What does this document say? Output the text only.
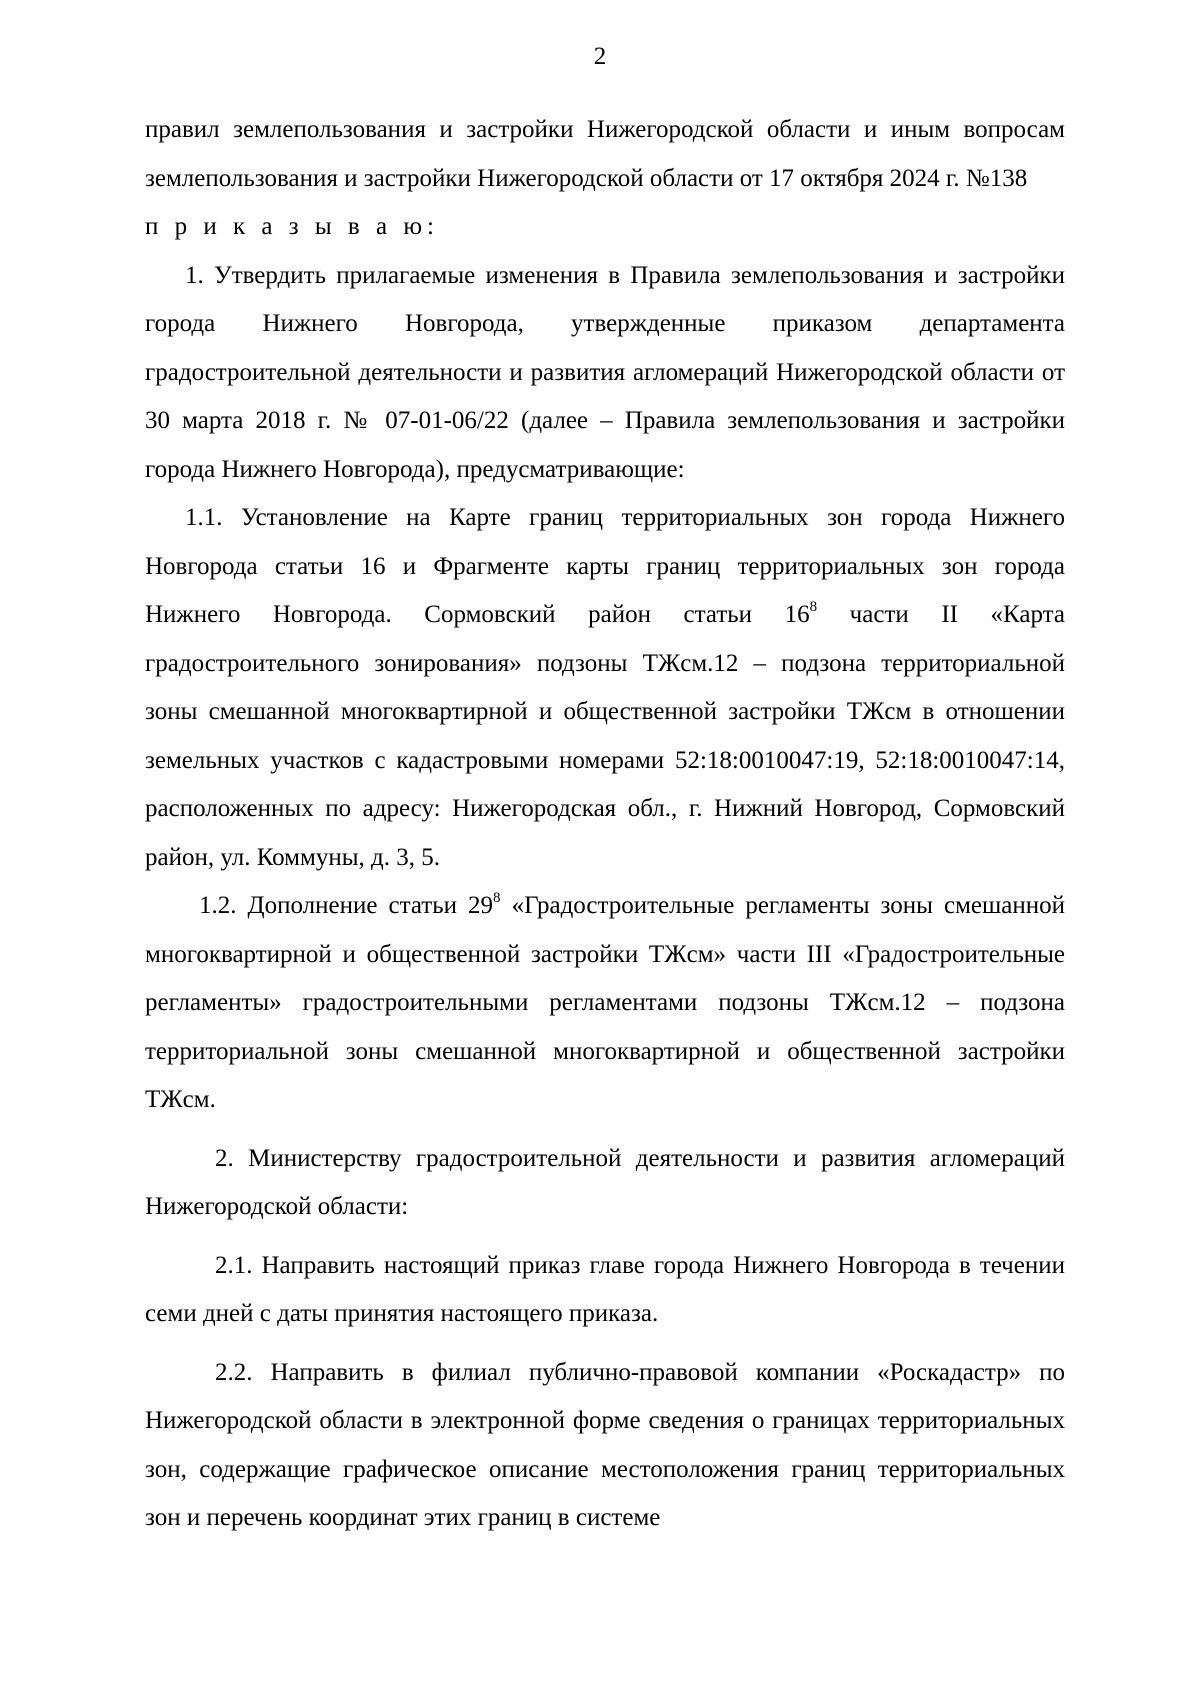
2

правил землепользования и застройки Нижегородской области и иным вопросам землепользования и застройки Нижегородской области от 17 октября 2024 г. №138

п р и к а з ы в а ю:

1. Утвердить прилагаемые изменения в Правила землепользования и застройки города Нижнего Новгорода, утвержденные приказом департамента градостроительной деятельности и развития агломераций Нижегородской области от 30 марта 2018 г. № 07-01-06/22 (далее – Правила землепользования и застройки города Нижнего Новгорода), предусматривающие:

1.1. Установление на Карте границ территориальных зон города Нижнего Новгорода статьи 16 и Фрагменте карты границ территориальных зон города Нижнего Новгорода. Сормовский район статьи $16^8$ части II «Карта градостроительного зонирования» подзоны ТЖсм.12 – подзона территориальной зоны смешанной многоквартирной и общественной застройки ТЖсм в отношении земельных участков с кадастровыми номерами 52:18:0010047:19, 52:18:0010047:14, расположенных по адресу: Нижегородская обл., г. Нижний Новгород, Сормовский район, ул. Коммуны, д. 3, 5.

1.2. Дополнение статьи $29^8$ «Градостроительные регламенты зоны смешанной многоквартирной и общественной застройки ТЖсм» части III «Градостроительные регламенты» градостроительными регламентами подзоны ТЖсм.12 – подзона территориальной зоны смешанной многоквартирной и общественной застройки ТЖсм.

2. Министерству градостроительной деятельности и развития агломераций Нижегородской области:

2.1. Направить настоящий приказ главе города Нижнего Новгорода в течении семи дней с даты принятия настоящего приказа.

2.2. Направить в филиал публично-правовой компании «Роскадастр» по Нижегородской области в электронной форме сведения о границах территориальных зон, содержащие графическое описание местоположения границ территориальных зон и перечень координат этих границ в системе
